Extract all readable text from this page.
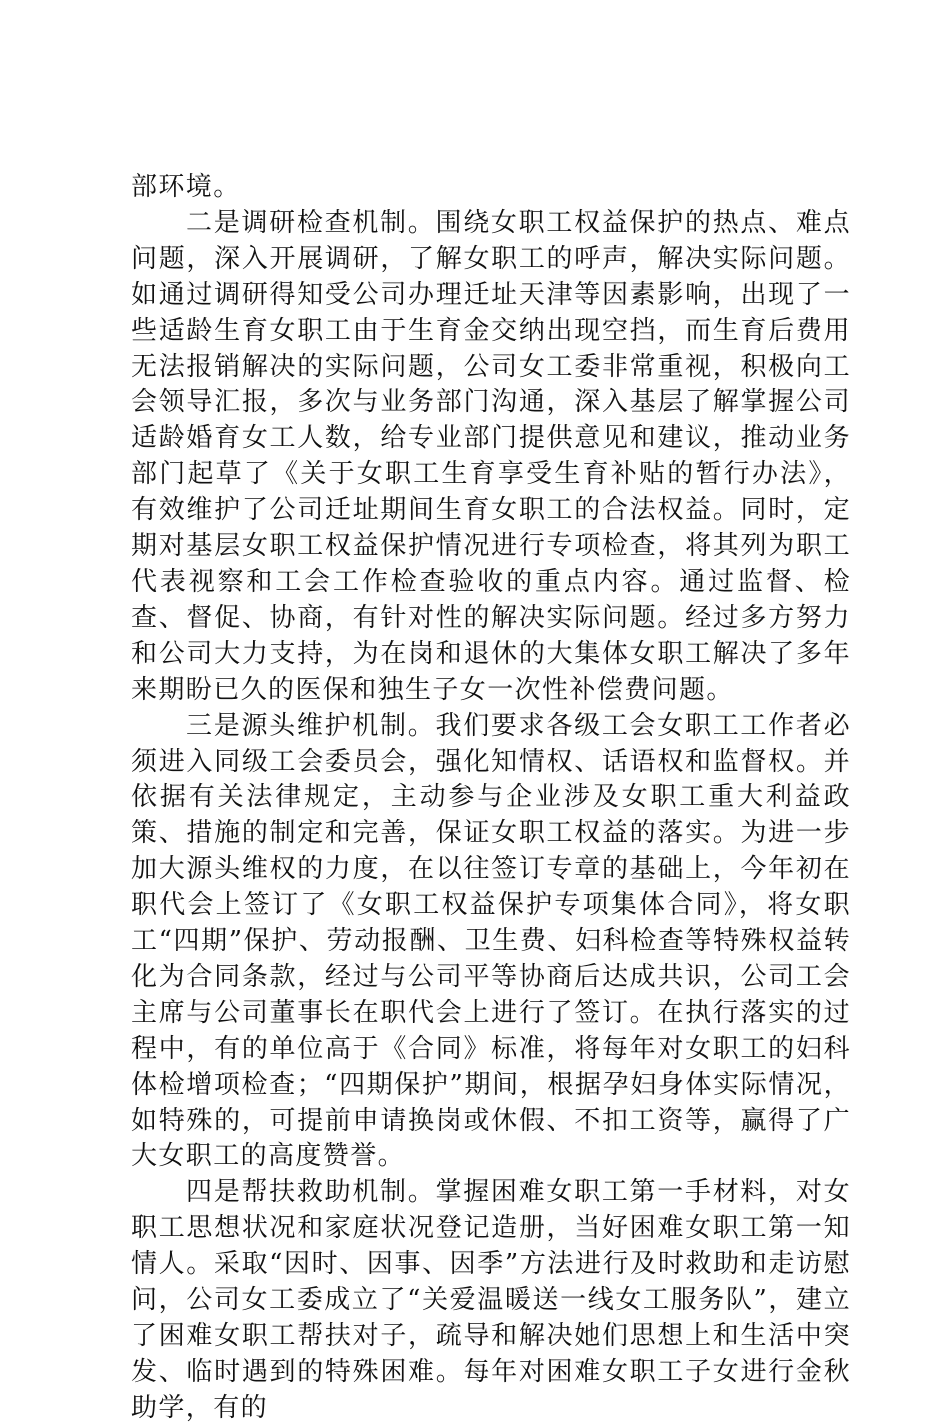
部环境。

二是调研检查机制。围绕女职工权益保护的热点、难点问题，深入开展调研，了解女职工的呼声，解决实际问题。如通过调研得知受公司办理迁址天津等因素影响，出现了一些适龄生育女职工由于生育金交纳出现空挡，而生育后费用无法报销解决的实际问题，公司女工委非常重视，积极向工会领导汇报，多次与业务部门沟通，深入基层了解掌握公司适龄婚育女工人数，给专业部门提供意见和建议，推动业务部门起草了《关于女职工生育享受生育补贴的暂行办法》，有效维护了公司迁址期间生育女职工的合法权益。同时，定期对基层女职工权益保护情况进行专项检查，将其列为职工代表视察和工会工作检查验收的重点内容。通过监督、检查、督促、协商，有针对性的解决实际问题。经过多方努力和公司大力支持，为在岗和退休的大集体女职工解决了多年来期盼已久的医保和独生子女一次性补偿费问题。

三是源头维护机制。我们要求各级工会女职工工作者必须进入同级工会委员会，强化知情权、话语权和监督权。并依据有关法律规定，主动参与企业涉及女职工重大利益政策、措施的制定和完善，保证女职工权益的落实。为进一步加大源头维权的力度，在以往签订专章的基础上，今年初在职代会上签订了《女职工权益保护专项集体合同》，将女职工“四期”保护、劳动报酬、卫生费、妇科检查等特殊权益转化为合同条款，经过与公司平等协商后达成共识，公司工会主席与公司董事长在职代会上进行了签订。在执行落实的过程中，有的单位高于《合同》标准，将每年对女职工的妇科体检增项检查；“四期保护”期间，根据孕妇身体实际情况，如特殊的，可提前申请换岗或休假、不扣工资等，赢得了广大女职工的高度赞誉。

四是帮扶救助机制。掌握困难女职工第一手材料，对女职工思想状况和家庭状况登记造册，当好困难女职工第一知情人。采取“因时、因事、因季”方法进行及时救助和走访慰问，公司女工委成立了“关爱温暖送一线女工服务队”，建立了困难女职工帮扶对子，疏导和解决她们思想上和生活中突发、临时遇到的特殊困难。每年对困难女职工子女进行金秋助学，有的
